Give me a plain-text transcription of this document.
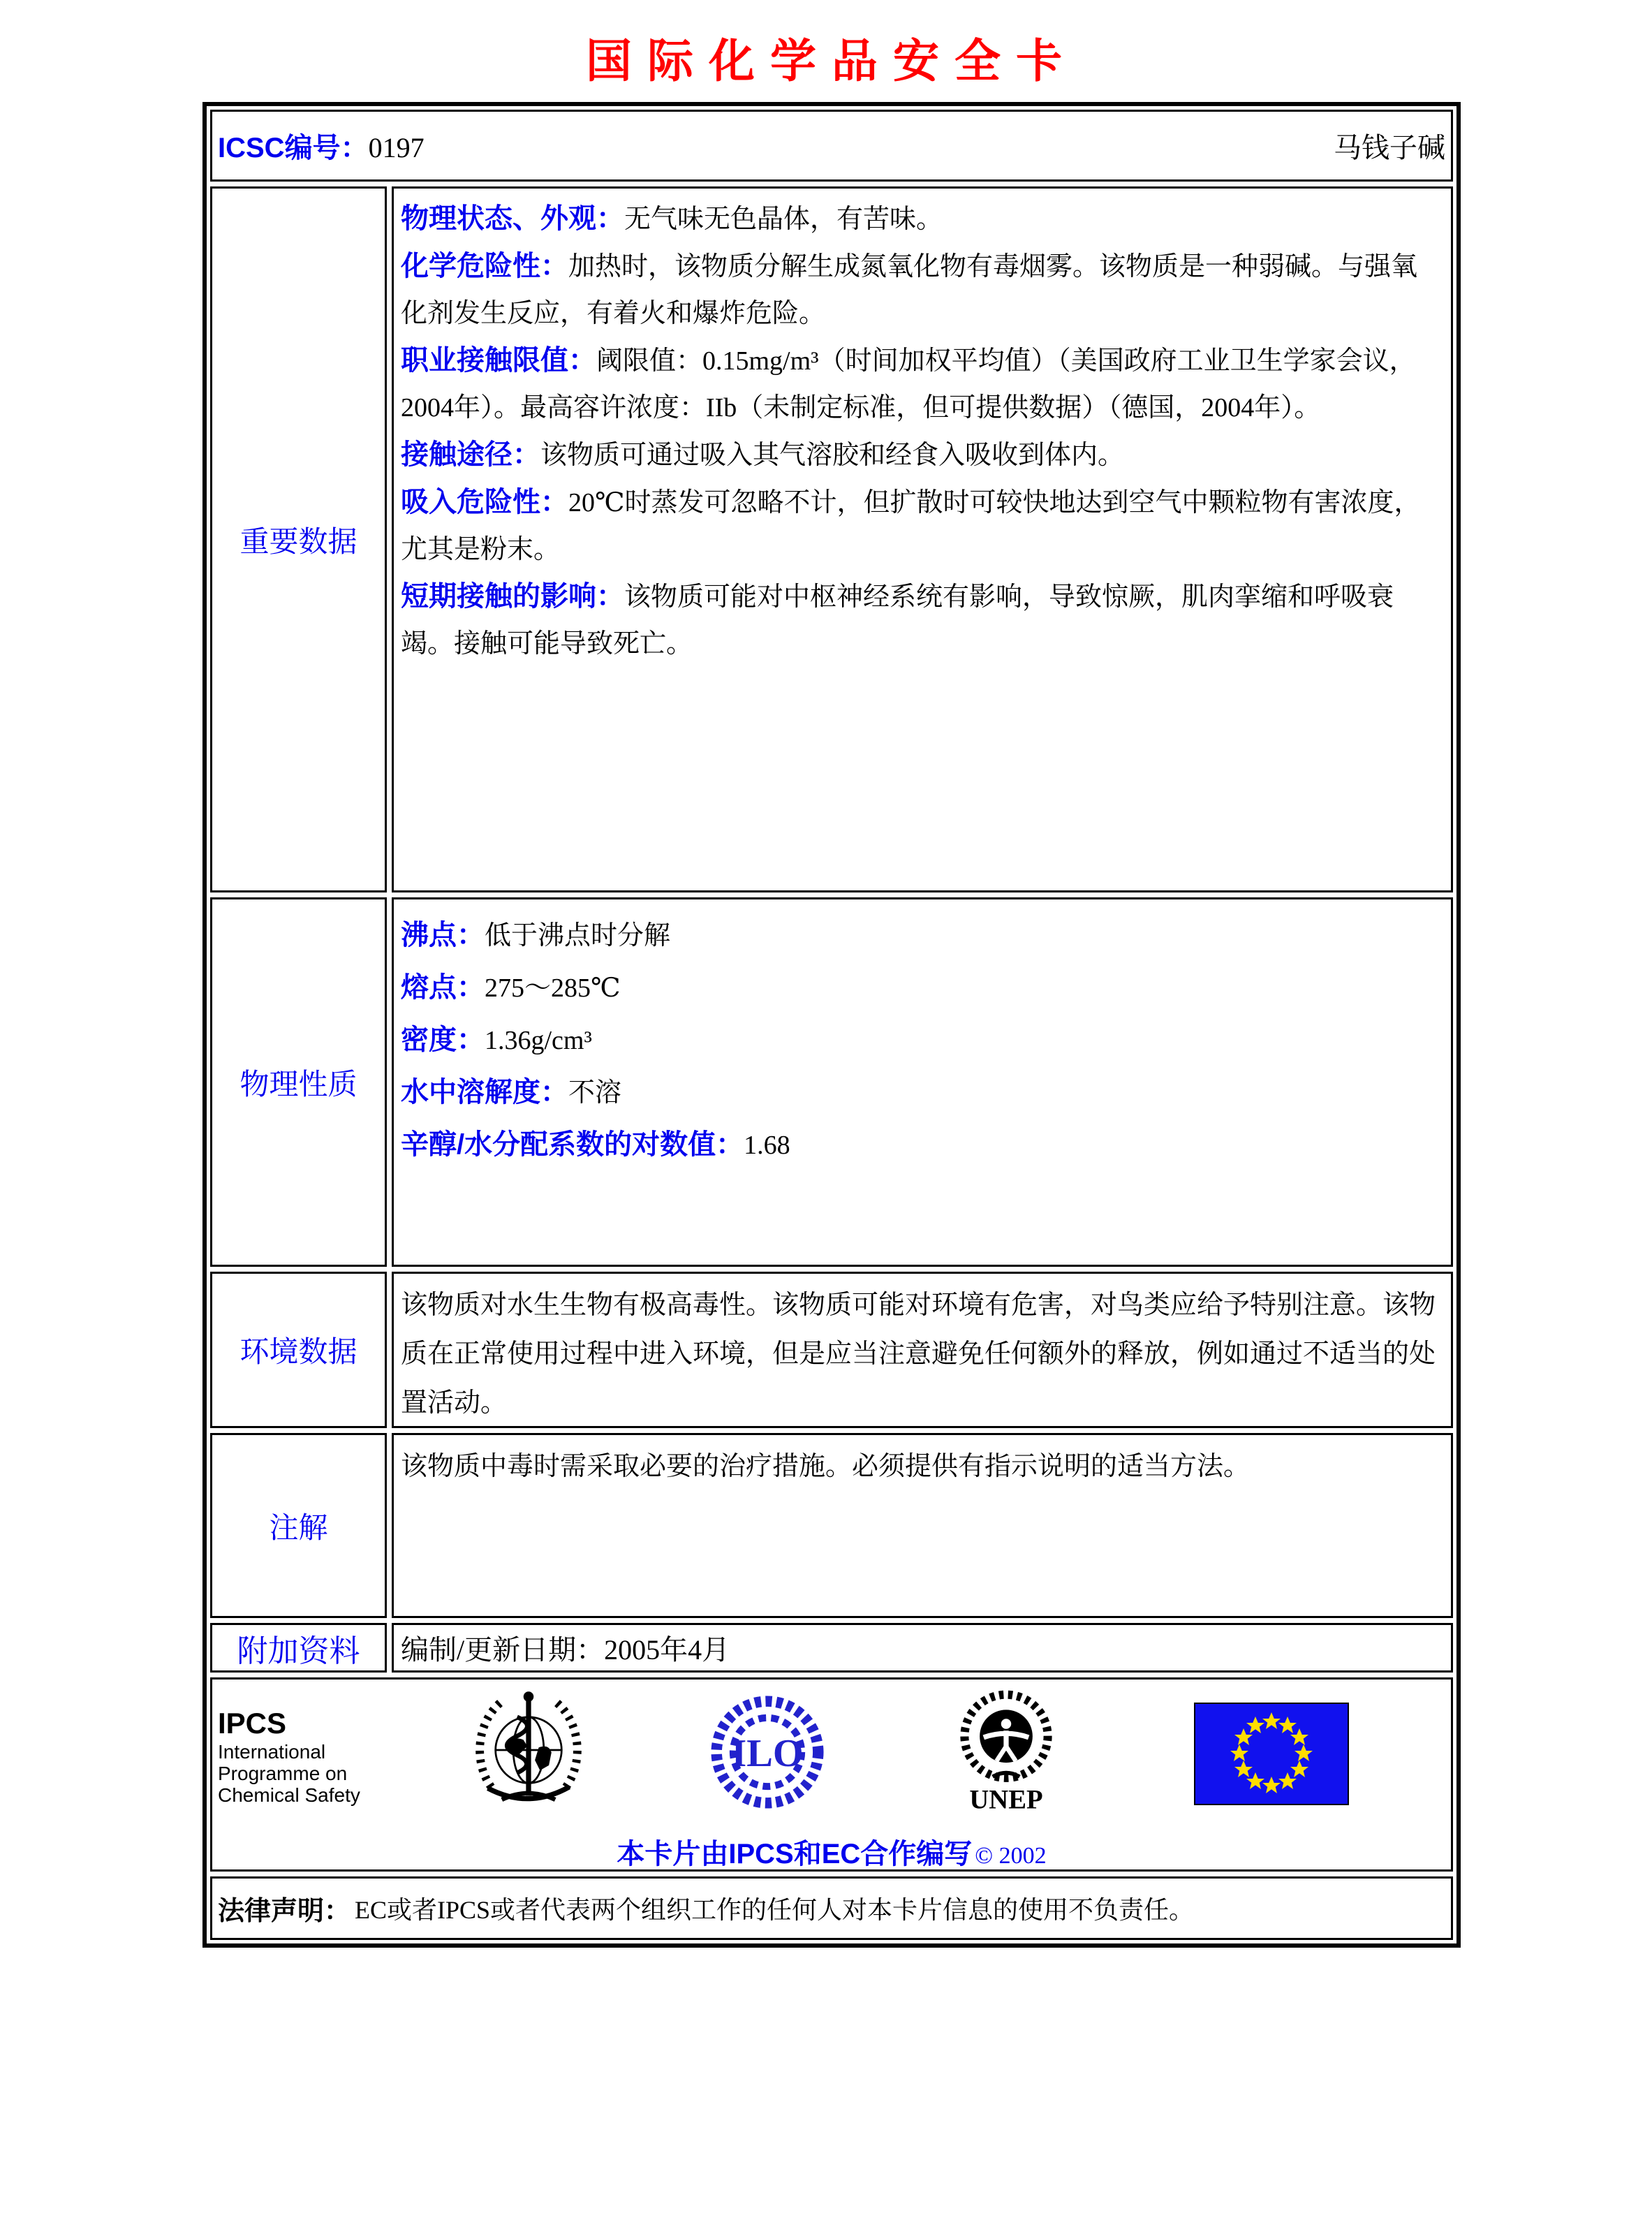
国际化学品安全卡
ICSC编号：0197	马钱子碱
重要数据

物理状态、外观：无气味无色晶体，有苦味。

化学危险性：加热时，该物质分解生成氮氧化物有毒烟雾。该物质是一种弱碱。与强氧化剂发生反应，有着火和爆炸危险。

职业接触限值：阈限值：0.15mg/m³（时间加权平均值）（美国政府工业卫生学家会议，2004年）。最高容许浓度：IIb（未制定标准，但可提供数据）（德国，2004年）。

接触途径：该物质可通过吸入其气溶胶和经食入吸收到体内。

吸入危险性：20℃时蒸发可忽略不计，但扩散时可较快地达到空气中颗粒物有害浓度，尤其是粉末。

短期接触的影响：该物质可能对中枢神经系统有影响，导致惊厥，肌肉挛缩和呼吸衰竭。接触可能导致死亡。

物理性质

沸点：低于沸点时分解

熔点：275～285℃

密度：1.36g/cm³

水中溶解度：不溶

辛醇/水分配系数的对数值：1.68

环境数据

该物质对水生生物有极高毒性。该物质可能对环境有危害，对鸟类应给予特别注意。该物质在正常使用过程中进入环境，但是应当注意避免任何额外的释放，例如通过不适当的处置活动。

注解

该物质中毒时需采取必要的治疗措施。必须提供有指示说明的适当方法。

附加资料 编制/更新日期：2005年4月
IPCS
International
Programme on
Chemical Safety
ILO
UNEP
本卡片由IPCS和EC合作编写 © 2002
法律声明： EC或者IPCS或者代表两个组织工作的任何人对本卡片信息的使用不负责任。
